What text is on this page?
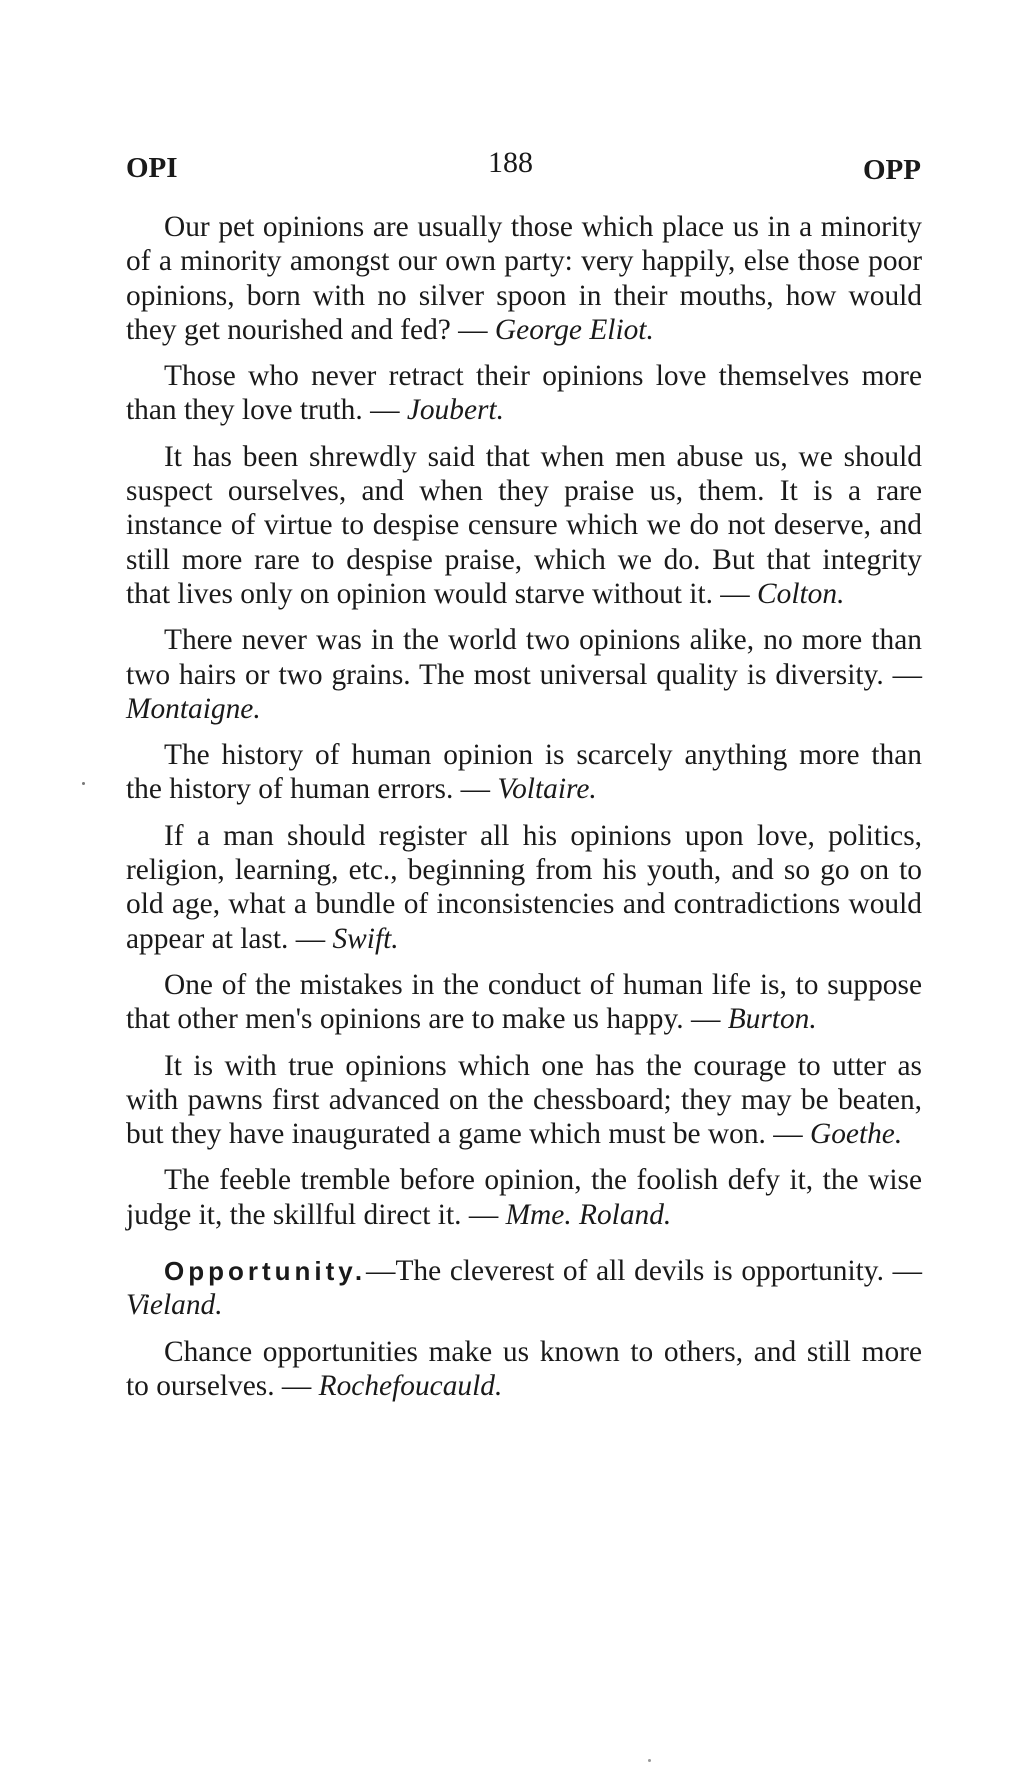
OPI	188	OPP

Our pet opinions are usually those which place us in a minority of a minority amongst our own party: very happily, else those poor opinions, born with no silver spoon in their mouths, how would they get nourished and fed? — George Eliot.

Those who never retract their opinions love themselves more than they love truth. — Joubert.

It has been shrewdly said that when men abuse us, we should suspect ourselves, and when they praise us, them. It is a rare instance of virtue to despise censure which we do not deserve, and still more rare to despise praise, which we do. But that integrity that lives only on opinion would starve without it. — Colton.

There never was in the world two opinions alike, no more than two hairs or two grains. The most universal quality is diversity. — Montaigne.

The history of human opinion is scarcely anything more than the history of human errors. — Voltaire.

If a man should register all his opinions upon love, politics, religion, learning, etc., beginning from his youth, and so go on to old age, what a bundle of inconsistencies and contradictions would appear at last. — Swift.

One of the mistakes in the conduct of human life is, to suppose that other men's opinions are to make us happy. — Burton.

It is with true opinions which one has the courage to utter as with pawns first advanced on the chessboard; they may be beaten, but they have inaugurated a game which must be won. — Goethe.

The feeble tremble before opinion, the foolish defy it, the wise judge it, the skillful direct it. — Mme. Roland.

Opportunity.—The cleverest of all devils is opportunity. — Vieland.

Chance opportunities make us known to others, and still more to ourselves. — Rochefoucauld.
